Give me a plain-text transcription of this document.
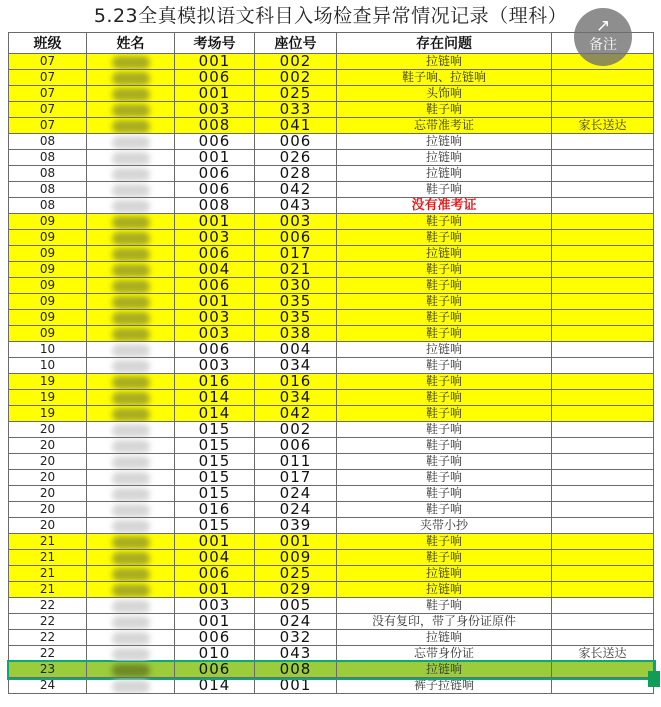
5.23全真模拟语文科目入场检查异常情况记录（理科）
班级	姓名	考场号	座位号	存在问题	
07		001	002	拉链响	
07		006	002	鞋子响、拉链响	
07		001	025	头饰响	
07		003	033	鞋子响	
07		008	041	忘带准考证	家长送达
08		006	006	拉链响	
08		001	026	拉链响	
08		006	028	拉链响	
08		006	042	鞋子响	
08		008	043	没有准考证	
09		001	003	鞋子响	
09		003	006	鞋子响	
09		006	017	拉链响	
09		004	021	鞋子响	
09		006	030	鞋子响	
09		001	035	鞋子响	
09		003	035	鞋子响	
09		003	038	鞋子响	
10		006	004	拉链响	
10		003	034	鞋子响	
19		016	016	鞋子响	
19		014	034	鞋子响	
19		014	042	鞋子响	
20		015	002	鞋子响	
20		015	006	鞋子响	
20		015	011	鞋子响	
20		015	017	鞋子响	
20		015	024	鞋子响	
20		016	024	鞋子响	
20		015	039	夹带小抄	
21		001	001	鞋子响	
21		004	009	鞋子响	
21		006	025	拉链响	
21		001	029	拉链响	
22		003	005	鞋子响	
22		001	024	没有复印，带了身份证原件	
22		006	032	拉链响	
22		010	043	忘带身份证	家长送达
23		006	008	拉链响	
24		014	001	裤子拉链响	
↗
备注
